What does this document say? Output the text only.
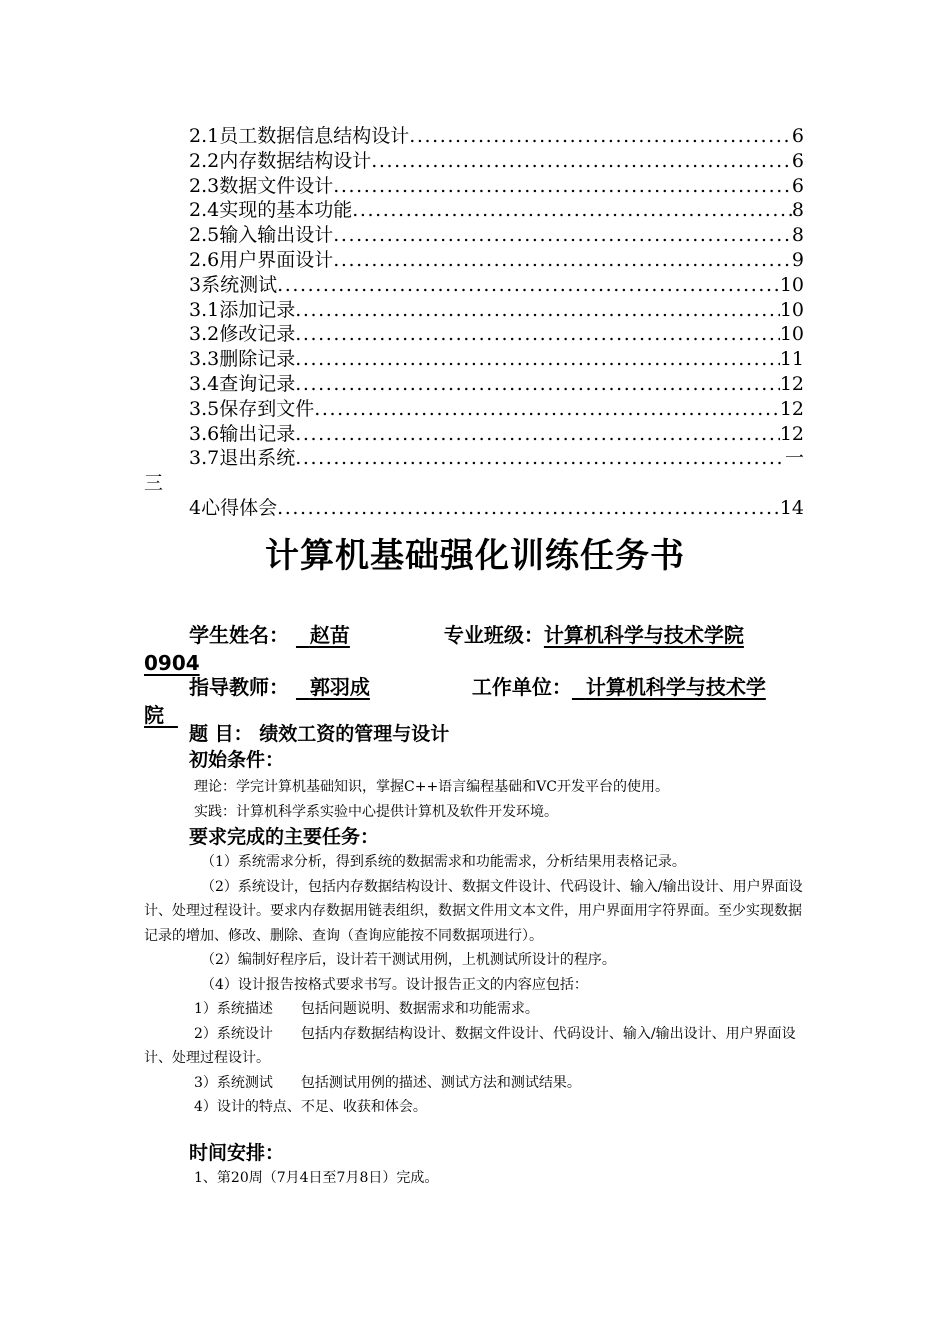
2.1员工数据信息结构设计 .....	6
2.2内存数据结构设计 .....	6
2.3数据文件设计 .....	6
2.4实现的基本功能 .....	8
2.5输入输出设计 .....	8
2.6用户界面设计 .....	9
3系统测试 .....	10
3.1添加记录 .....	10
3.2修改记录 .....	10
3.3删除记录 .....	11
3.4查询记录 .....	12
3.5保存到文件 .....	12
3.6输出记录 .....	12
3.7退出系统 .....	一
三
4心得体会 .....	14
计算机基础强化训练任务书
学生姓名： 赵苗	专业班级：计算机科学与技术学院
0904
指导教师： 郭羽成	工作单位： 计算机科学与技术学
院
题 目： 绩效工资的管理与设计
初始条件：
理论：学完计算机基础知识，掌握C++语言编程基础和VC开发平台的使用。
实践：计算机科学系实验中心提供计算机及软件开发环境。
要求完成的主要任务：
（1）系统需求分析，得到系统的数据需求和功能需求，分析结果用表格记录。
（2）系统设计，包括内存数据结构设计、数据文件设计、代码设计、输入/输出设计、用户界面设计、处理过程设计。要求内存数据用链表组织，数据文件用文本文件，用户界面用字符界面。至少实现数据记录的增加、修改、删除、查询（查询应能按不同数据项进行）。
（2）编制好程序后，设计若干测试用例，上机测试所设计的程序。
（4）设计报告按格式要求书写。设计报告正文的内容应包括：
1）系统描述　　包括问题说明、数据需求和功能需求。
2）系统设计　　包括内存数据结构设计、数据文件设计、代码设计、输入/输出设计、用户界面设计、处理过程设计。
3）系统测试　　包括测试用例的描述、测试方法和测试结果。
4）设计的特点、不足、收获和体会。
时间安排：
1、第20周（7月4日至7月8日）完成。
